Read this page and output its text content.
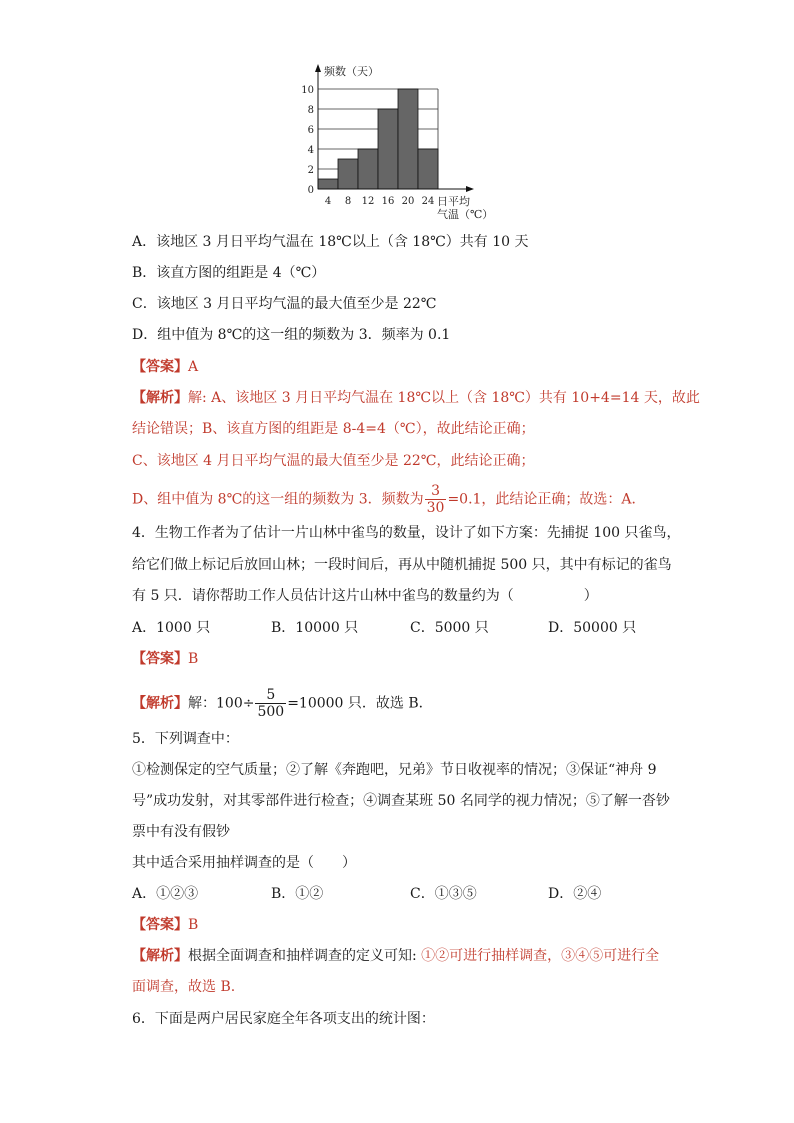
0
2
4
6
8
10
4 8 12 16 20 24
频数（天）
日平均
气温（℃）

A．该地区 3 月日平均气温在 18℃以上（含 18℃）共有 10 天

B．该直方图的组距是 4（℃）

C．该地区 3 月日平均气温的最大值至少是 22℃

D．组中值为 8℃的这一组的频数为 3．频率为 0.1

【答案】A

【解析】解: A、该地区 3 月日平均气温在 18℃以上（含 18℃）共有 10+4=14 天，故此

结论错误；B、该直方图的组距是 8-4=4（℃），故此结论正确；

C、该地区 4 月日平均气温的最大值至少是 22℃，此结论正确；

D、组中值为 8℃的这一组的频数为 3．频数为 $\frac{3}{30} =0.1$，此结论正确；故选：A．

4．生物工作者为了估计一片山林中雀鸟的数量，设计了如下方案：先捕捉 100 只雀鸟，

给它们做上标记后放回山林；一段时间后，再从中随机捕捉 500 只，其中有标记的雀鸟

有 5 只．请你帮助工作人员估计这片山林中雀鸟的数量约为（　　　　　）

A．1000 只	B．10000 只	C．5000 只	D．50000 只

【答案】B

【解析】解：$100\div \frac{5}{500} =10000$ 只．故选 B．

5．下列调查中：

①检测保定的空气质量；②了解《奔跑吧，兄弟》节日收视率的情况；③保证“神舟 9

号”成功发射，对其零部件进行检查；④调查某班 50 名同学的视力情况；⑤了解一沓钞

票中有没有假钞

其中适合采用抽样调查的是（　　）

A．①②③	B．①②	C．①③⑤	D．②④

【答案】B

【解析】根据全面调查和抽样调查的定义可知: ①②可进行抽样调查，③④⑤可进行全

面调查，故选 B.

6．下面是两户居民家庭全年各项支出的统计图：
